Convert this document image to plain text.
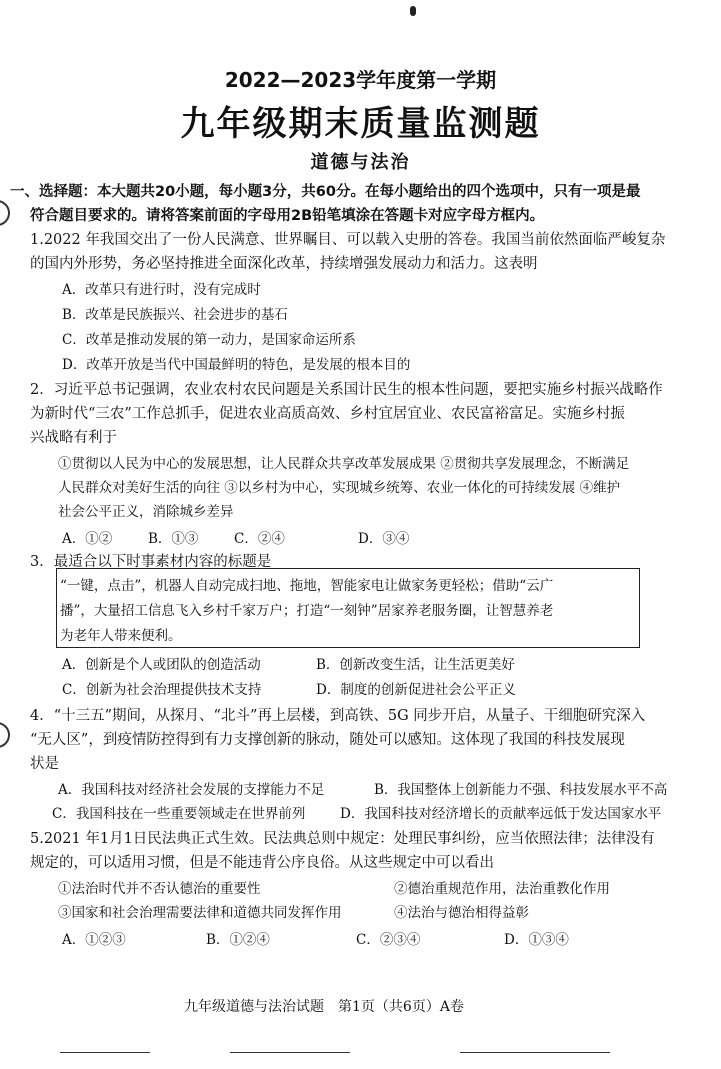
2022—2023学年度第一学期
九年级期末质量监测题
道德与法治
一、选择题：本大题共20小题，每小题3分，共60分。在每小题给出的四个选项中，只有一项是最
符合题目要求的。请将答案前面的字母用2B铅笔填涂在答题卡对应字母方框内。
1.2022 年我国交出了一份人民满意、世界瞩目、可以载入史册的答卷。我国当前依然面临严峻复杂
的国内外形势，务必坚持推进全面深化改革，持续增强发展动力和活力。这表明
A．改革只有进行时，没有完成时
B．改革是民族振兴、社会进步的基石
C．改革是推动发展的第一动力，是国家命运所系
D．改革开放是当代中国最鲜明的特色，是发展的根本目的
2．习近平总书记强调，农业农村农民问题是关系国计民生的根本性问题，要把实施乡村振兴战略作
为新时代“三农”工作总抓手，促进农业高质高效、乡村宜居宜业、农民富裕富足。实施乡村振
兴战略有利于
①贯彻以人民为中心的发展思想，让人民群众共享改革发展成果 ②贯彻共享发展理念，不断满足
人民群众对美好生活的向往 ③以乡村为中心，实现城乡统筹、农业一体化的可持续发展 ④维护
社会公平正义，消除城乡差异
A．①②	B．①③	C．②④	D．③④
3．最适合以下时事素材内容的标题是
“一键，点击”，机器人自动完成扫地、拖地，智能家电让做家务更轻松；借助“云广
播”，大量招工信息飞入乡村千家万户；打造“一刻钟”居家养老服务圈，让智慧养老
为老年人带来便利。
A．创新是个人或团队的创造活动	B．创新改变生活，让生活更美好
C．创新为社会治理提供技术支持	D．制度的创新促进社会公平正义
4．“十三五”期间，从探月、“北斗”再上层楼，到高铁、5G 同步开启，从量子、干细胞研究深入
“无人区”，到疫情防控得到有力支撑创新的脉动，随处可以感知。这体现了我国的科技发展现
状是
A．我国科技对经济社会发展的支撑能力不足	B．我国整体上创新能力不强、科技发展水平不高
C．我国科技在一些重要领域走在世界前列	D．我国科技对经济增长的贡献率远低于发达国家水平
5.2021 年1月1日民法典正式生效。民法典总则中规定：处理民事纠纷，应当依照法律；法律没有
规定的，可以适用习惯，但是不能违背公序良俗。从这些规定中可以看出
①法治时代并不否认德治的重要性	②德治重规范作用，法治重教化作用
③国家和社会治理需要法律和道德共同发挥作用	④法治与德治相得益彰
A．①②③	B．①②④	C．②③④	D．①③④
九年级道德与法治试题　第1页（共6页）A卷
